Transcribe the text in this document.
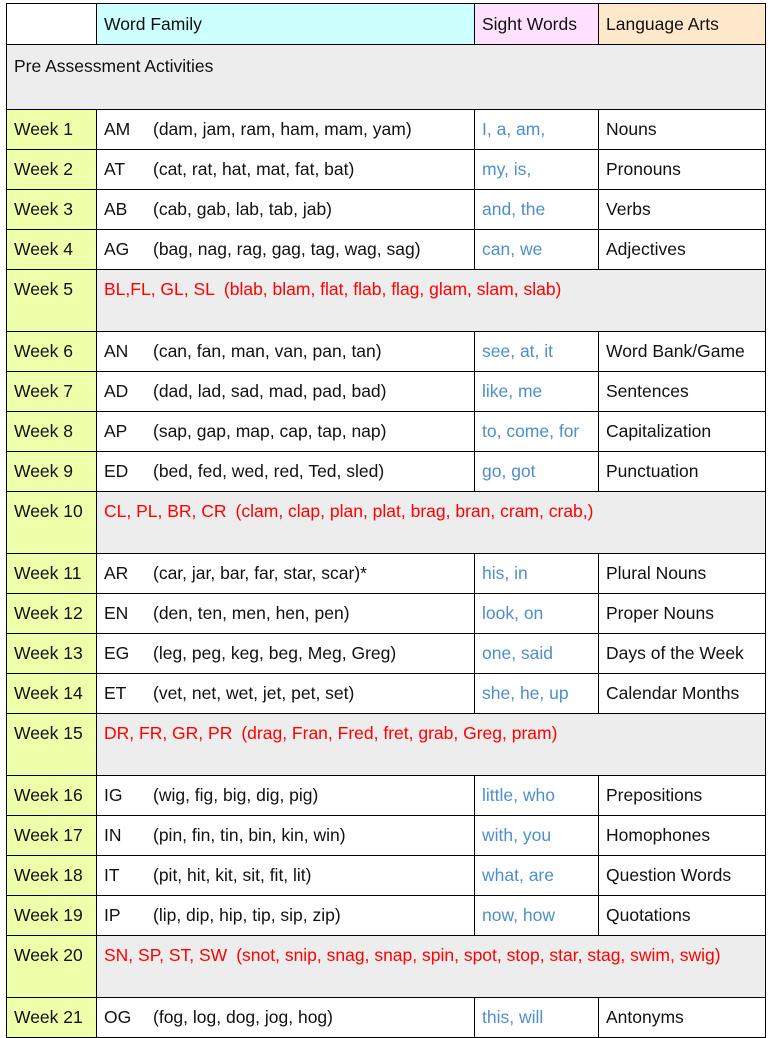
	Word Family	Sight Words	Language Arts
Pre Assessment Activities			
Week 1	AM (dam, jam, ram, ham, mam, yam)	I, a, am,	Nouns
Week 2	AT (cat, rat, hat, mat, fat, bat)	my, is,	Pronouns
Week 3	AB (cab, gab, lab, tab, jab)	and, the	Verbs
Week 4	AG (bag, nag, rag, gag, tag, wag, sag)	can, we	Adjectives
Week 5	BL,FL, GL, SL (blab, blam, flat, flab, flag, glam, slam, slab)		
Week 6	AN (can, fan, man, van, pan, tan)	see, at, it	Word Bank/Game
Week 7	AD (dad, lad, sad, mad, pad, bad)	like, me	Sentences
Week 8	AP (sap, gap, map, cap, tap, nap)	to, come, for	Capitalization
Week 9	ED (bed, fed, wed, red, Ted, sled)	go, got	Punctuation
Week 10	CL, PL, BR, CR (clam, clap, plan, plat, brag, bran, cram, crab,)		
Week 11	AR (car, jar, bar, far, star, scar)*	his, in	Plural Nouns
Week 12	EN (den, ten, men, hen, pen)	look, on	Proper Nouns
Week 13	EG (leg, peg, keg, beg, Meg, Greg)	one, said	Days of the Week
Week 14	ET (vet, net, wet, jet, pet, set)	she, he, up	Calendar Months
Week 15	DR, FR, GR, PR (drag, Fran, Fred, fret, grab, Greg, pram)		
Week 16	IG (wig, fig, big, dig, pig)	little, who	Prepositions
Week 17	IN (pin, fin, tin, bin, kin, win)	with, you	Homophones
Week 18	IT (pit, hit, kit, sit, fit, lit)	what, are	Question Words
Week 19	IP (lip, dip, hip, tip, sip, zip)	now, how	Quotations
Week 20	SN, SP, ST, SW (snot, snip, snag, snap, spin, spot, stop, star, stag, swim, swig)		
Week 21	OG (fog, log, dog, jog, hog)	this, will	Antonyms
